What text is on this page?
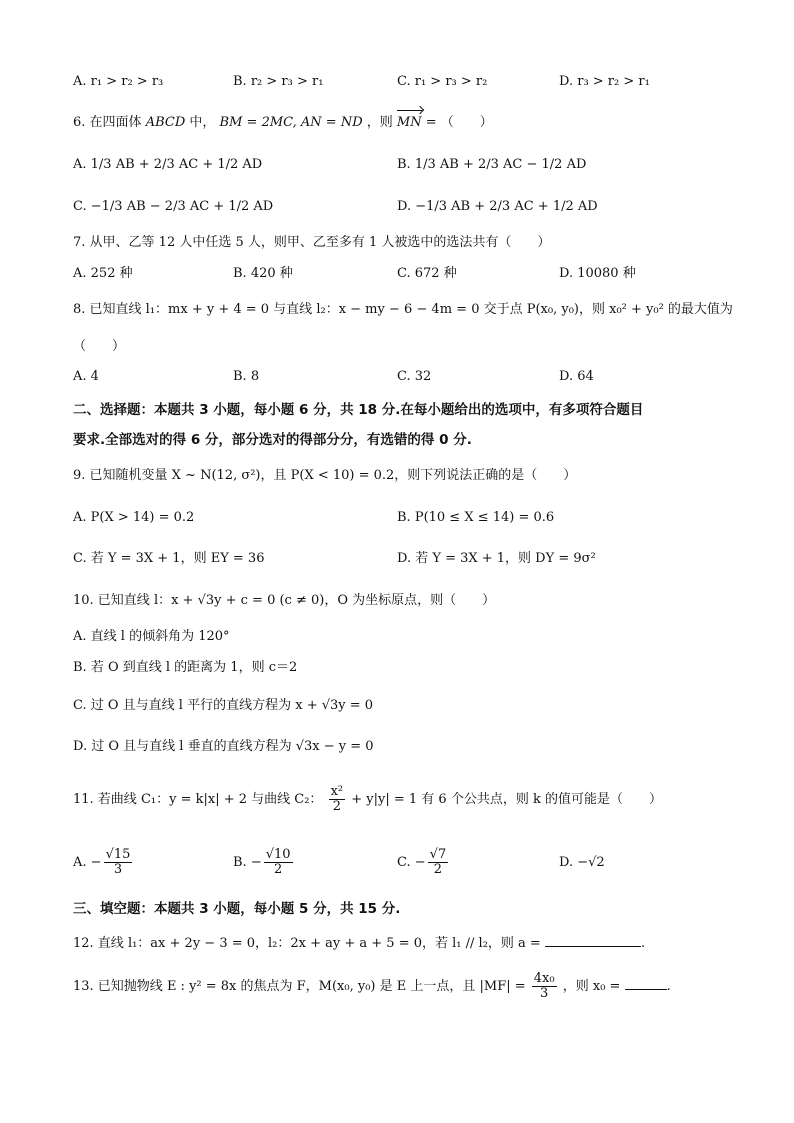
A. r₁ > r₂ > r₃	B. r₂ > r₃ > r₁	C. r₁ > r₃ > r₂	D. r₃ > r₂ > r₁
6. 在四面体 ABCD 中， BM = 2MC, AN = ND ，则 MN = （　　）
A. 1/3 AB + 2/3 AC + 1/2 AD	B. 1/3 AB + 2/3 AC − 1/2 AD
C. −1/3 AB − 2/3 AC + 1/2 AD	D. −1/3 AB + 2/3 AC + 1/2 AD
7. 从甲、乙等 12 人中任选 5 人，则甲、乙至多有 1 人被选中的选法共有（　　）
A. 252 种	B. 420 种	C. 672 种	D. 10080 种
8. 已知直线 l₁：mx + y + 4 = 0 与直线 l₂：x − my − 6 − 4m = 0 交于点 P(x₀, y₀)，则 x₀² + y₀² 的最大值为
（　　）
A. 4	B. 8	C. 32	D. 64
二、选择题：本题共 3 小题，每小题 6 分，共 18 分.在每小题给出的选项中，有多项符合题目
要求.全部选对的得 6 分，部分选对的得部分分，有选错的得 0 分.
9. 已知随机变量 X ~ N(12, σ²)，且 P(X < 10) = 0.2，则下列说法正确的是（　　）
A. P(X > 14) = 0.2	B. P(10 ≤ X ≤ 14) = 0.6
C. 若 Y = 3X + 1，则 EY = 36	D. 若 Y = 3X + 1，则 DY = 9σ²
10. 已知直线 l：x + √3y + c = 0 (c ≠ 0)，O 为坐标原点，则（　　）
A. 直线 l 的倾斜角为 120°
B. 若 O 到直线 l 的距离为 1，则 c＝2
C. 过 O 且与直线 l 平行的直线方程为 x + √3y = 0
D. 过 O 且与直线 l 垂直的直线方程为 √3x − y = 0
11. 若曲线 C₁：y = k|x| + 2 与曲线 C₂： $\frac{\text{x²}}{2} + y|y| = 1$ 有 6 个公共点，则 k 的值可能是（　　）
A. − $\frac{√15}{3}$	B. − $\frac{√10}{2}$	C. − $\frac{√7}{2}$	D. −√2
三、填空题：本题共 3 小题，每小题 5 分，共 15 分.
12. 直线 l₁：ax + 2y − 3 = 0，l₂：2x + ay + a + 5 = 0，若 l₁ // l₂，则 a =	.
13. 已知抛物线 E : y² = 8x 的焦点为 F，M(x₀, y₀) 是 E 上一点，且 $|MF| = \frac{\text{4x₀}}{3}$ ，则 x₀ =	.
